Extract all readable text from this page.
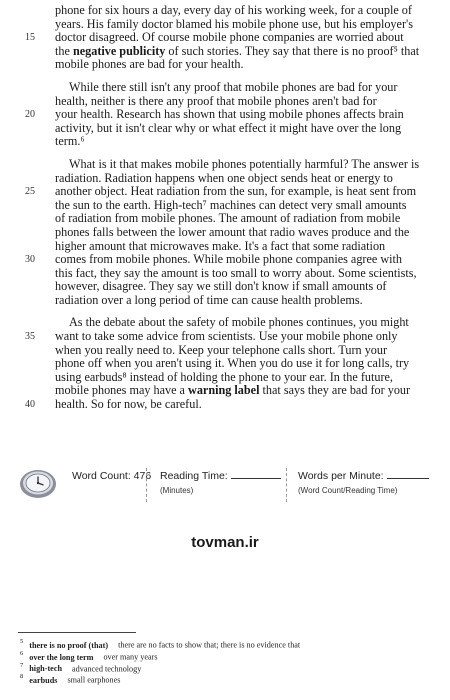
phone for six hours a day, every day of his working week, for a couple of
years. His family doctor blamed his mobile phone use, but his employer's
15 doctor disagreed. Of course mobile phone companies are worried about
the negative publicity of such stories. They say that there is no proof⁵ that
mobile phones are bad for your health.
While there still isn't any proof that mobile phones are bad for your
health, neither is there any proof that mobile phones aren't bad for
20 your health. Research has shown that using mobile phones affects brain
activity, but it isn't clear why or what effect it might have over the long
term.⁶
What is it that makes mobile phones potentially harmful? The answer is
radiation. Radiation happens when one object sends heat or energy to
25 another object. Heat radiation from the sun, for example, is heat sent from
the sun to the earth. High-tech⁷ machines can detect very small amounts
of radiation from mobile phones. The amount of radiation from mobile
phones falls between the lower amount that radio waves produce and the
higher amount that microwaves make. It's a fact that some radiation
30 comes from mobile phones. While mobile phone companies agree with
this fact, they say the amount is too small to worry about. Some scientists,
however, disagree. They say we still don't know if small amounts of
radiation over a long period of time can cause health problems.
As the debate about the safety of mobile phones continues, you might
35 want to take some advice from scientists. Use your mobile phone only
when you really need to. Keep your telephone calls short. Turn your
phone off when you aren't using it. When you do use it for long calls, try
using earbuds⁸ instead of holding the phone to your ear. In the future,
mobile phones may have a warning label that says they are bad for your
40 health. So for now, be careful.
Word Count: 476 Reading Time:
(Minutes)
Words per Minute:
(Word Count/Reading Time)
tovman.ir
$^5$ there is no proof (that) there are no facts to show that; there is no evidence that
$^6$ over the long term over many years
$^7$ high-tech advanced technology
$^8$ earbuds small earphones
